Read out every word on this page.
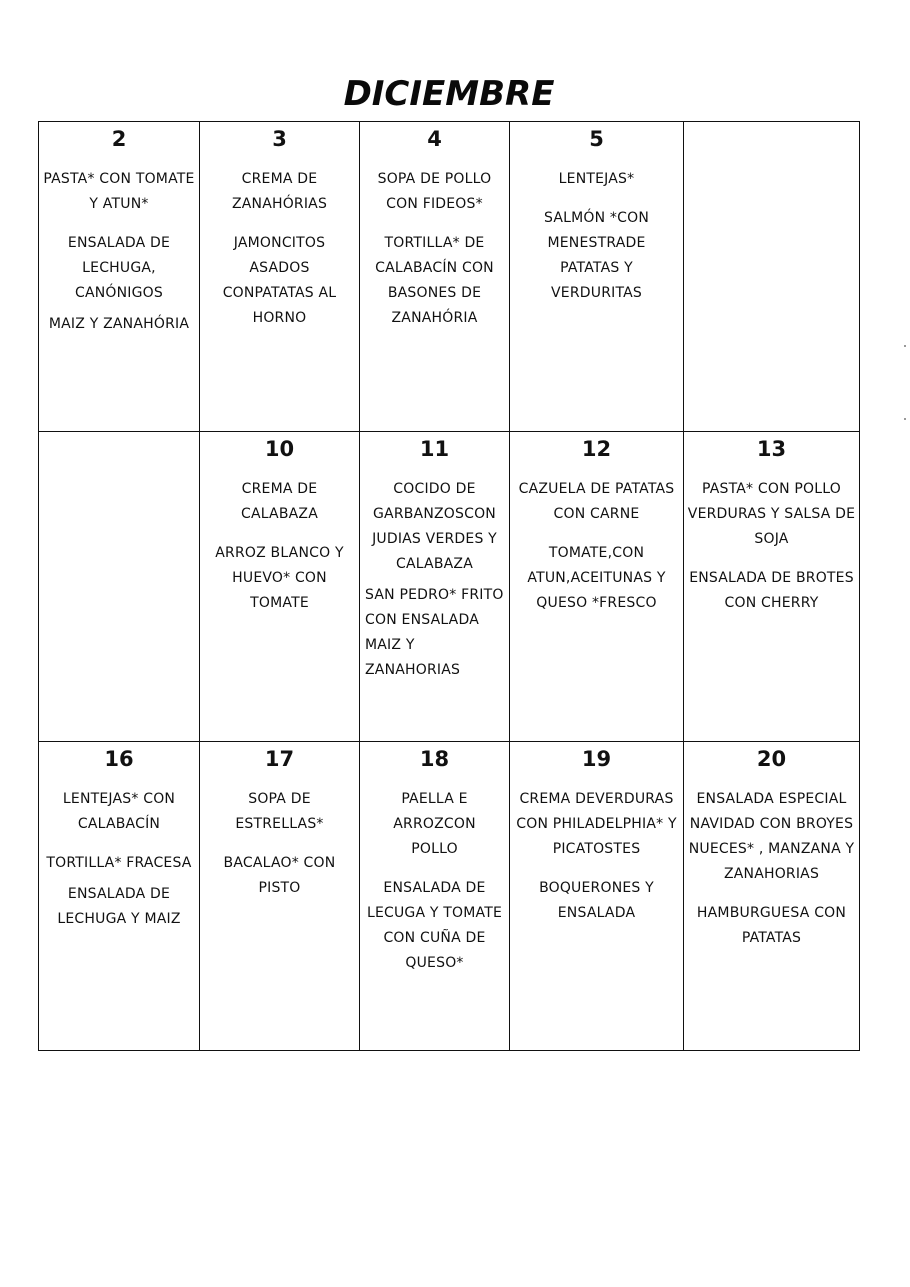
DICIEMBRE
2
PASTA* CON TOMATE Y ATUN*
ENSALADA DE LECHUGA, CANÓNIGOS
MAIZ Y ZANAHÓRIA
3
CREMA DE ZANAHÓRIAS
JAMONCITOS ASADOS CONPATATAS AL HORNO
4
SOPA DE POLLO CON FIDEOS*
TORTILLA* DE CALABACÍN CON BASONES DE ZANAHÓRIA
5
LENTEJAS*
SALMÓN *CON MENESTRADE PATATAS Y VERDURITAS
10
CREMA DE CALABAZA
ARROZ BLANCO Y HUEVO* CON TOMATE
11
COCIDO DE GARBANZOSCON JUDIAS VERDES Y CALABAZA
SAN PEDRO* FRITO CON ENSALADA MAIZ Y ZANAHORIAS
12
CAZUELA DE PATATAS CON CARNE
TOMATE,CON ATUN,ACEITUNAS Y QUESO *FRESCO
13
PASTA* CON POLLO VERDURAS Y SALSA DE SOJA
ENSALADA DE BROTES CON CHERRY
16
LENTEJAS* CON CALABACÍN
TORTILLA* FRACESA
ENSALADA DE LECHUGA Y MAIZ
17
SOPA DE ESTRELLAS*
BACALAO* CON PISTO
18
PAELLA E ARROZCON POLLO
ENSALADA DE LECUGA Y TOMATE CON CUÑA DE QUESO*
19
CREMA DEVERDURAS CON PHILADELPHIA* Y PICATOSTES
BOQUERONES Y ENSALADA
20
ENSALADA ESPECIAL NAVIDAD CON BROYES NUECES* , MANZANA Y ZANAHORIAS
HAMBURGUESA CON PATATAS
